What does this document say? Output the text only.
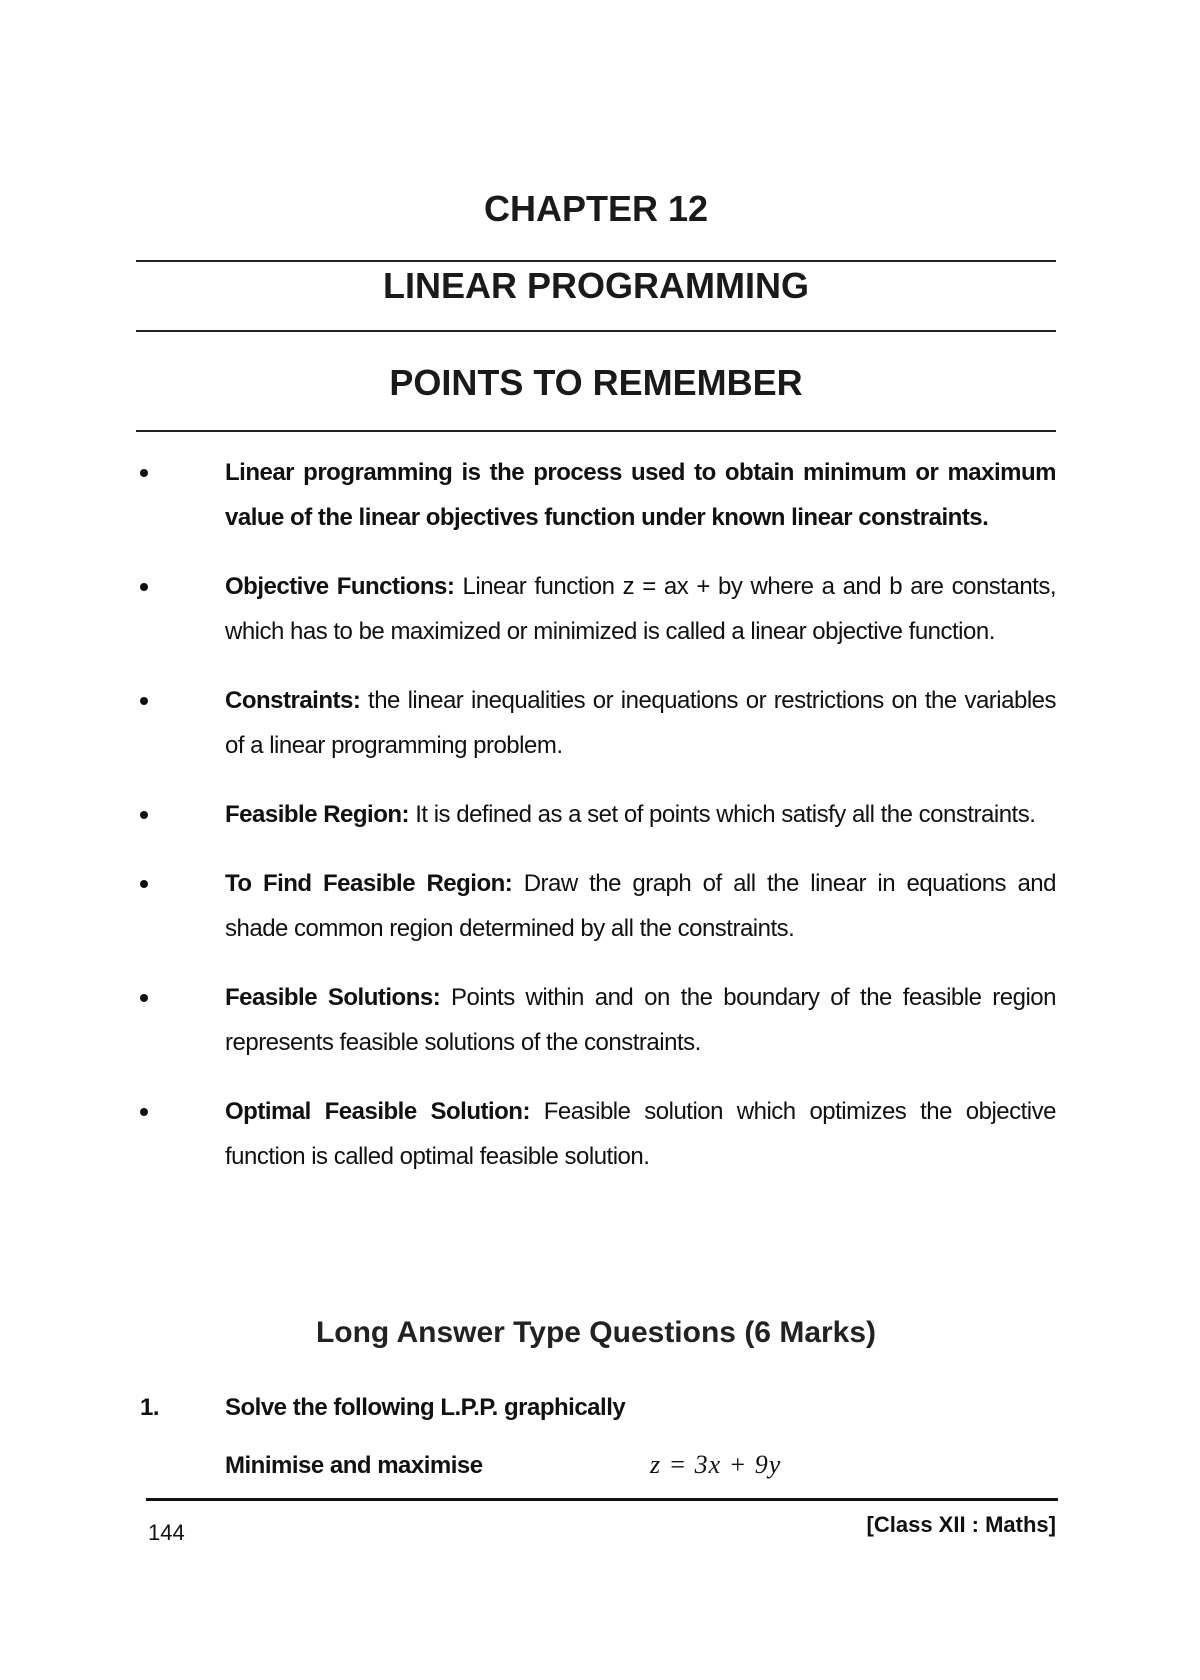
CHAPTER 12
LINEAR PROGRAMMING
POINTS TO REMEMBER
Linear programming is the process used to obtain minimum or maximum value of the linear objectives function under known linear constraints.
Objective Functions: Linear function z = ax + by where a and b are constants, which has to be maximized or minimized is called a linear objective function.
Constraints: the linear inequalities or inequations or restrictions on the variables of a linear programming problem.
Feasible Region: It is defined as a set of points which satisfy all the constraints.
To Find Feasible Region: Draw the graph of all the linear in equations and shade common region determined by all the constraints.
Feasible Solutions: Points within and on the boundary of the feasible region represents feasible solutions of the constraints.
Optimal Feasible Solution: Feasible solution which optimizes the objective function is called optimal feasible solution.
Long Answer Type Questions (6 Marks)
1.	Solve the following L.P.P. graphically
Minimise and maximise	z = 3x + 9y
144	[Class XII : Maths]
